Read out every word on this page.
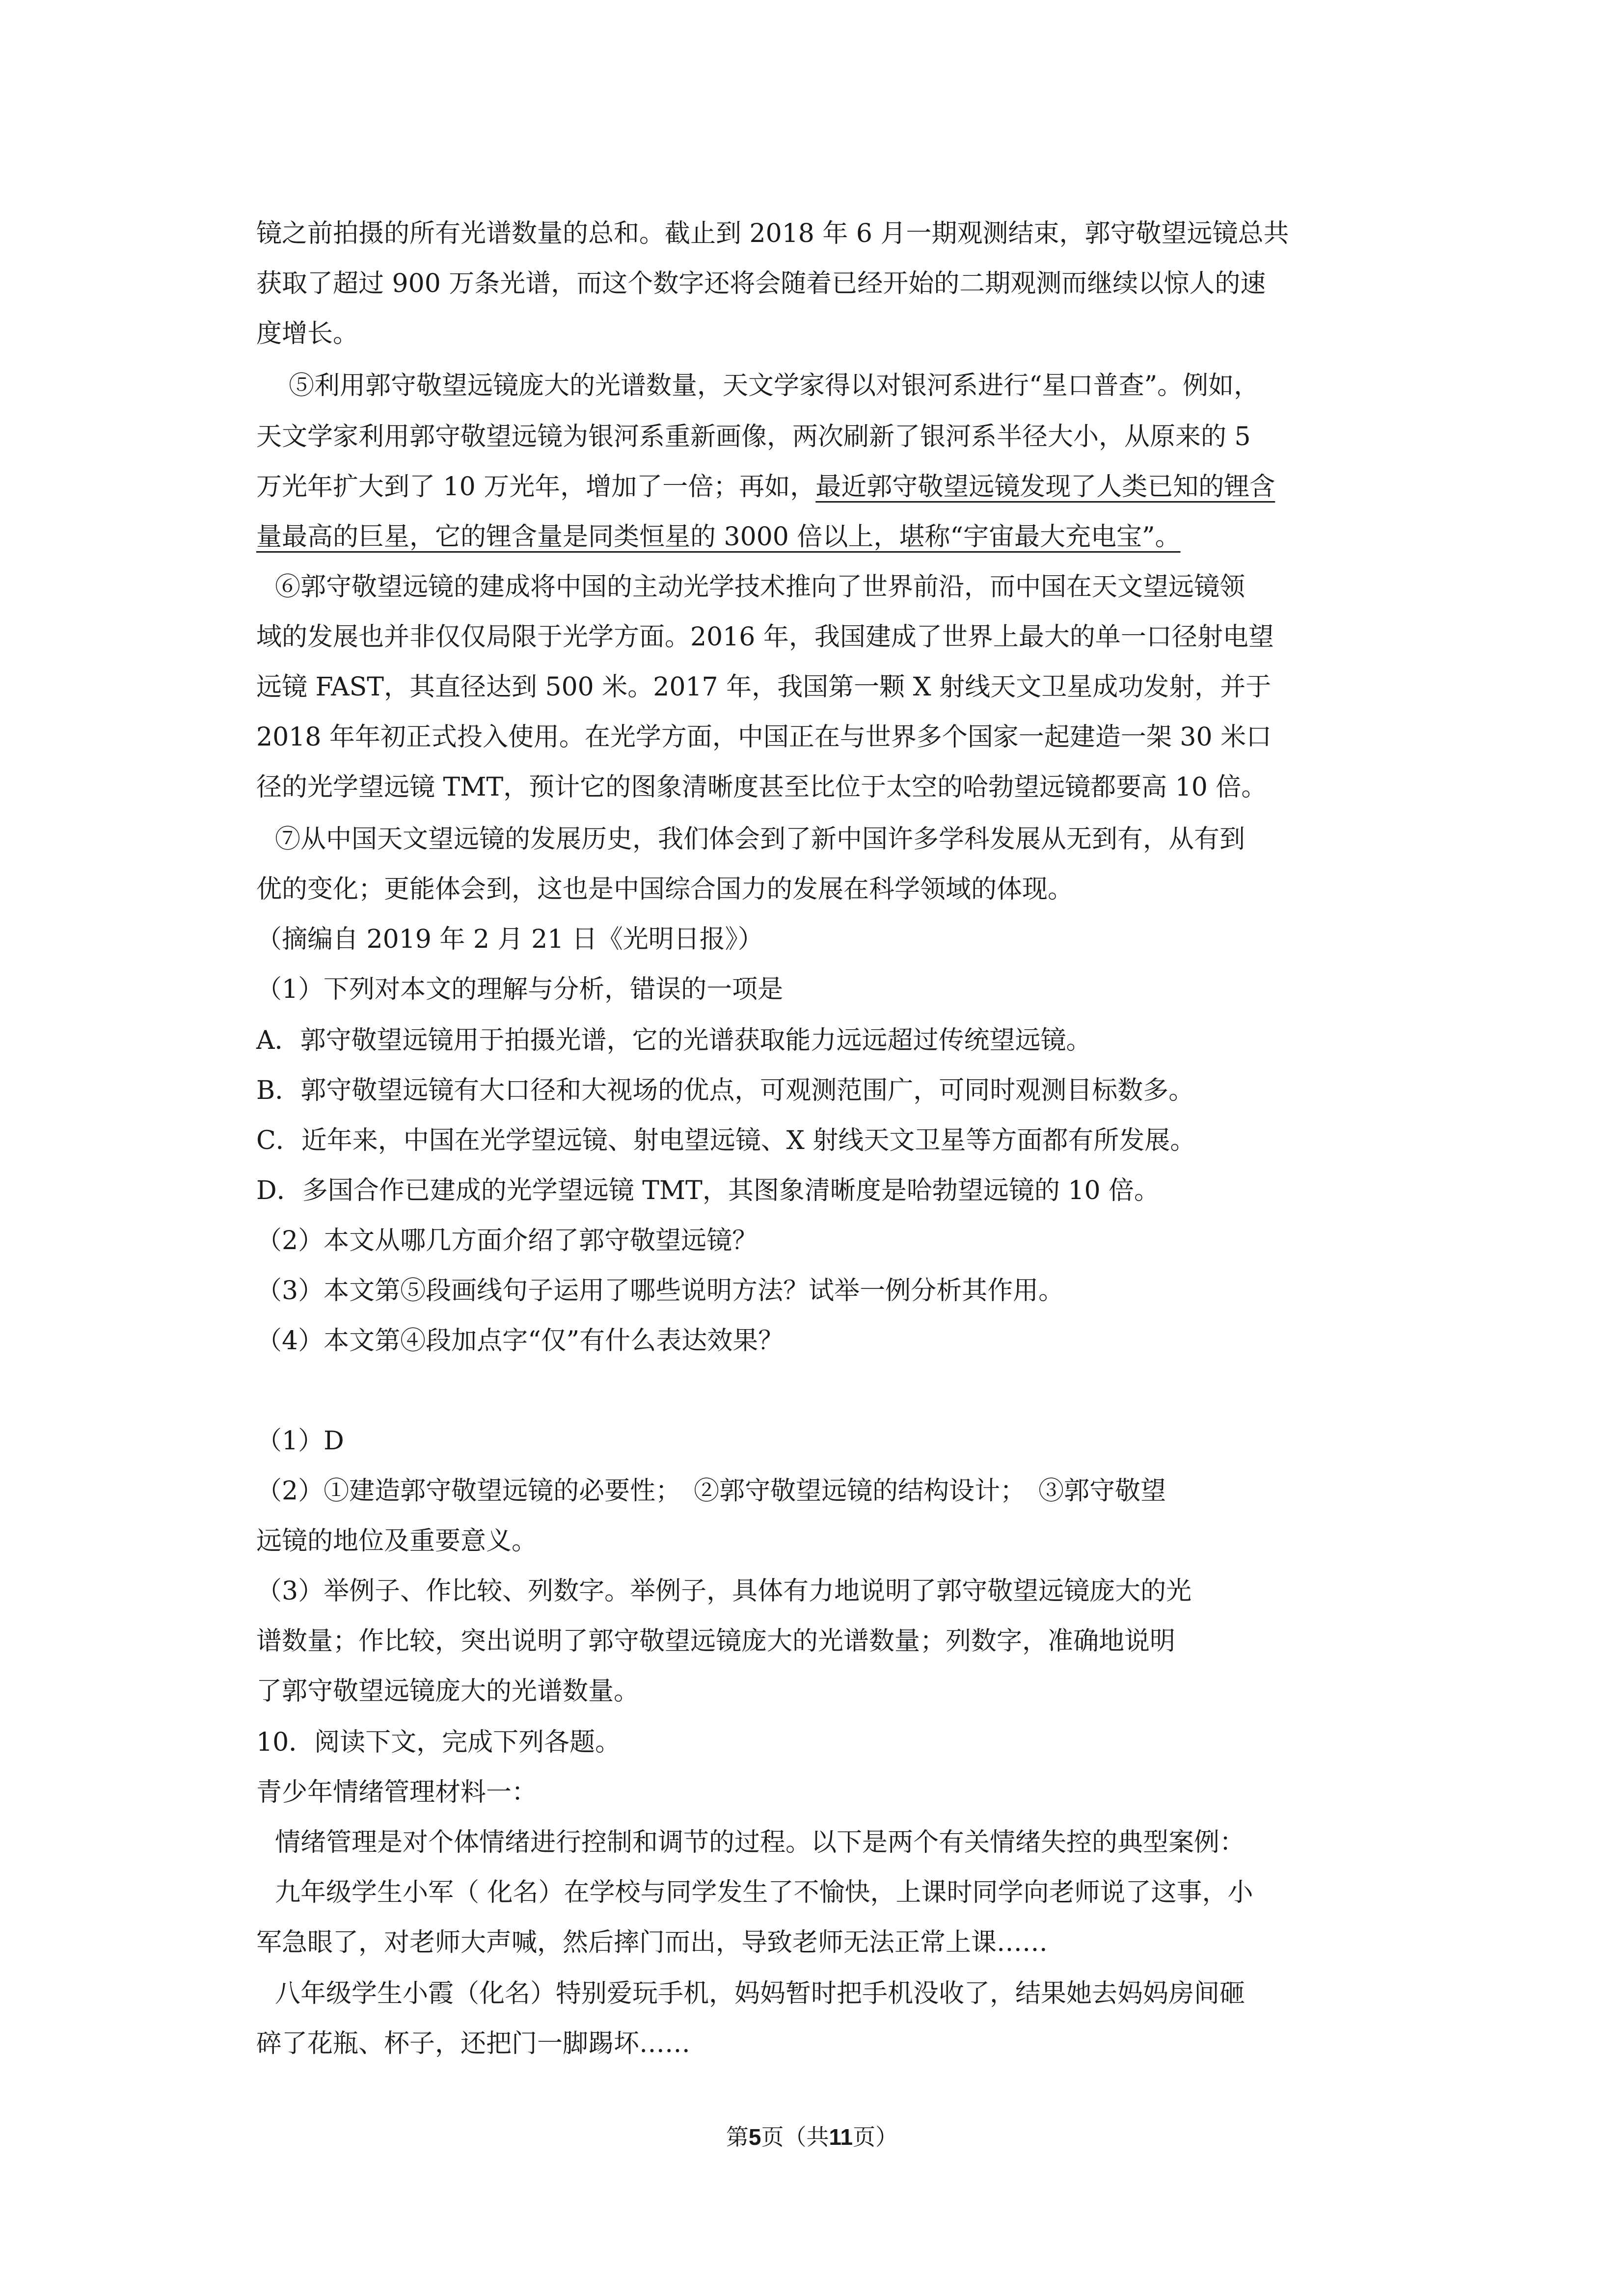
镜之前拍摄的所有光谱数量的总和。截止到 2018 年 6 月一期观测结束，郭守敬望远镜总共
获取了超过 900 万条光谱，而这个数字还将会随着已经开始的二期观测而继续以惊人的速
度增长。
⑤利用郭守敬望远镜庞大的光谱数量，天文学家得以对银河系进行“星口普查”。例如，
天文学家利用郭守敬望远镜为银河系重新画像，两次刷新了银河系半径大小，从原来的 5
万光年扩大到了 10 万光年，增加了一倍；再如，最近郭守敬望远镜发现了人类已知的锂含
量最高的巨星，它的锂含量是同类恒星的 3000 倍以上，堪称“宇宙最大充电宝”。
⑥郭守敬望远镜的建成将中国的主动光学技术推向了世界前沿，而中国在天文望远镜领
域的发展也并非仅仅局限于光学方面。2016 年，我国建成了世界上最大的单一口径射电望
远镜 FAST，其直径达到 500 米。2017 年，我国第一颗 X 射线天文卫星成功发射，并于
2018 年年初正式投入使用。在光学方面，中国正在与世界多个国家一起建造一架 30 米口
径的光学望远镜 TMT，预计它的图象清晰度甚至比位于太空的哈勃望远镜都要高 10 倍。
⑦从中国天文望远镜的发展历史，我们体会到了新中国许多学科发展从无到有，从有到
优的变化；更能体会到，这也是中国综合国力的发展在科学领域的体现。
（摘编自 2019 年 2 月 21 日《光明日报》）
（1）下列对本文的理解与分析，错误的一项是
A．郭守敬望远镜用于拍摄光谱，它的光谱获取能力远远超过传统望远镜。
B．郭守敬望远镜有大口径和大视场的优点，可观测范围广，可同时观测目标数多。
C．近年来，中国在光学望远镜、射电望远镜、X 射线天文卫星等方面都有所发展。
D．多国合作已建成的光学望远镜 TMT，其图象清晰度是哈勃望远镜的 10 倍。
（2）本文从哪几方面介绍了郭守敬望远镜？
（3）本文第⑤段画线句子运用了哪些说明方法？试举一例分析其作用。
（4）本文第④段加点字“仅”有什么表达效果？
（1）D
（2）①建造郭守敬望远镜的必要性；　②郭守敬望远镜的结构设计；　③郭守敬望
远镜的地位及重要意义。
（3）举例子、作比较、列数字。举例子，具体有力地说明了郭守敬望远镜庞大的光
谱数量；作比较，突出说明了郭守敬望远镜庞大的光谱数量；列数字，准确地说明
了郭守敬望远镜庞大的光谱数量。
10．阅读下文，完成下列各题。
青少年情绪管理材料一：
情绪管理是对个体情绪进行控制和调节的过程。以下是两个有关情绪失控的典型案例：
九年级学生小军（ 化名）在学校与同学发生了不愉快，上课时同学向老师说了这事，小
军急眼了，对老师大声喊，然后摔门而出，导致老师无法正常上课……
八年级学生小霞（化名）特别爱玩手机，妈妈暂时把手机没收了，结果她去妈妈房间砸
碎了花瓶、杯子，还把门一脚踢坏……
第5页（共11页）
